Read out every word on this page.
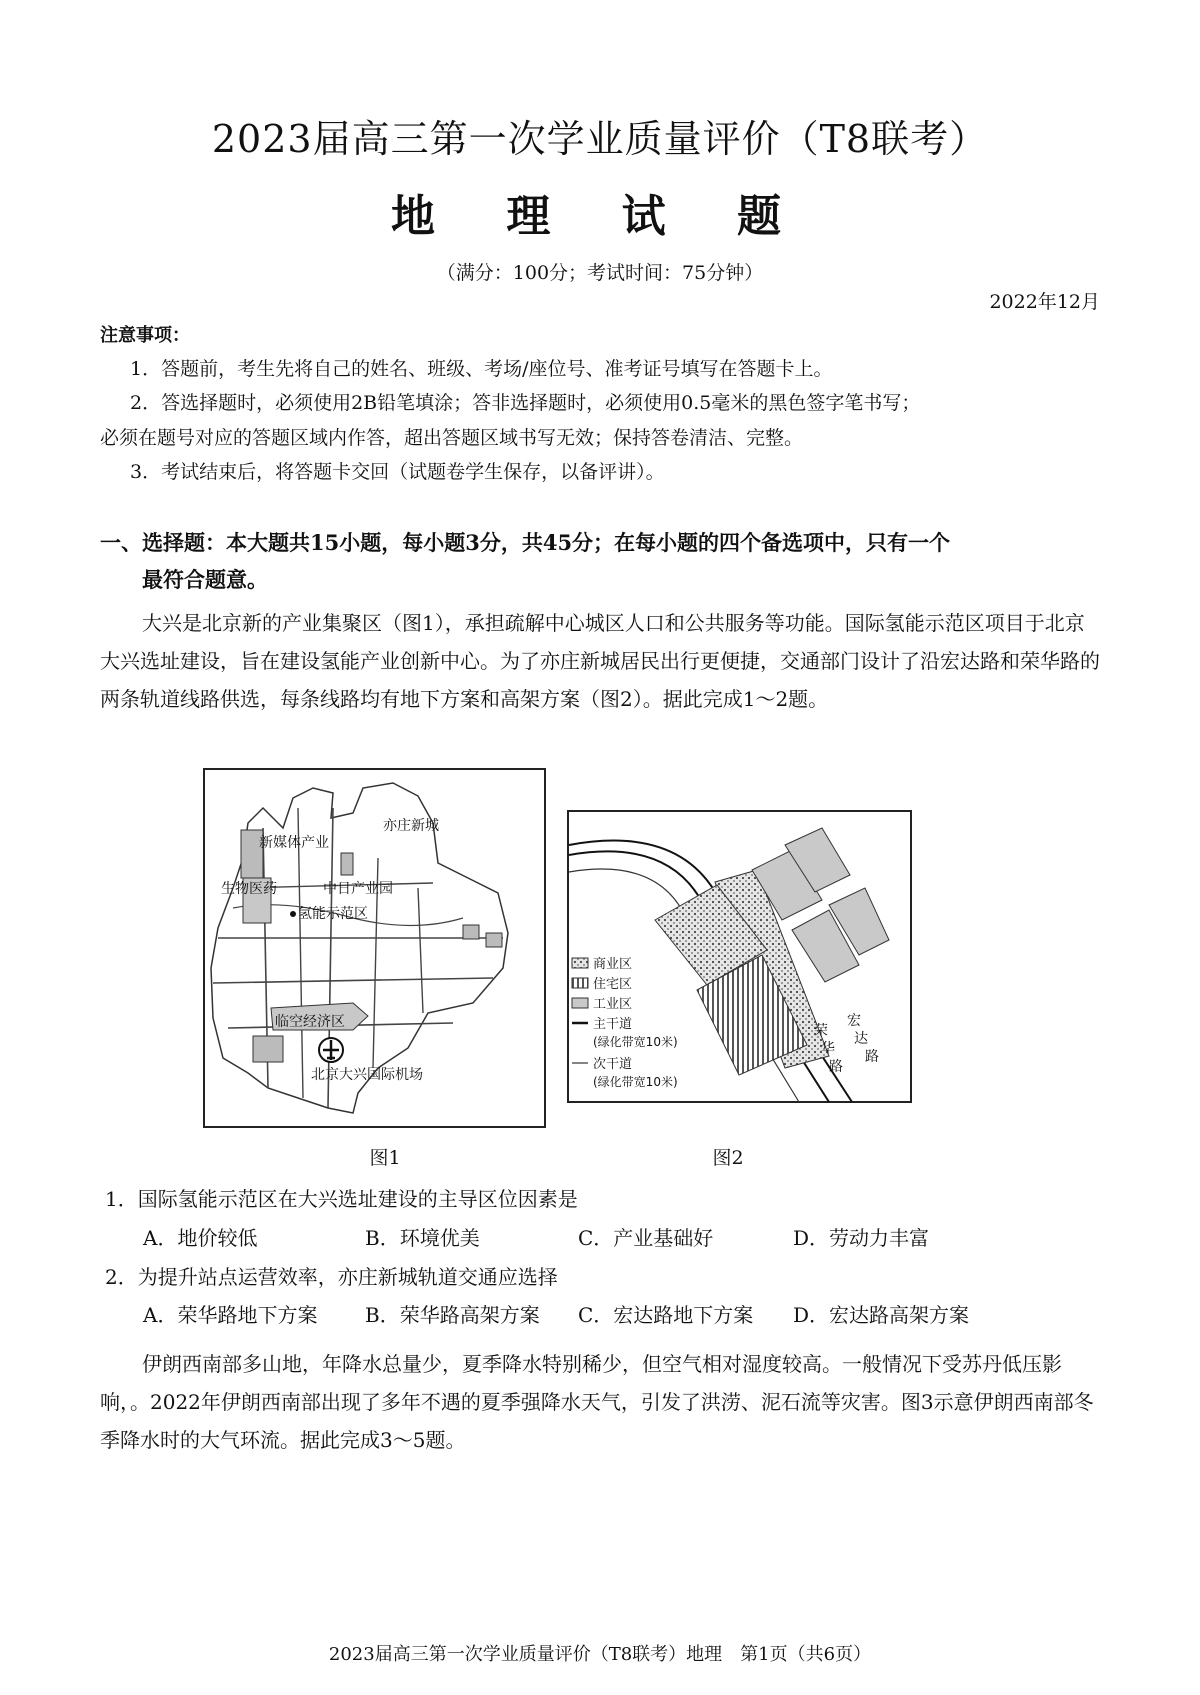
2023届高三第一次学业质量评价（T8联考）
地 理 试 题
（满分：100分；考试时间：75分钟）
2022年12月
注意事项：
1．答题前，考生先将自己的姓名、班级、考场/座位号、准考证号填写在答题卡上。
2．答选择题时，必须使用2B铅笔填涂；答非选择题时，必须使用0.5毫米的黑色签字笔书写；
必须在题号对应的答题区域内作答，超出答题区域书写无效；保持答卷清洁、完整。
3．考试结束后，将答题卡交回（试题卷学生保存，以备评讲）。
一、选择题：本大题共15小题，每小题3分，共45分；在每小题的四个备选项中，只有一个
最符合题意。
大兴是北京新的产业集聚区（图1），承担疏解中心城区人口和公共服务等功能。国际氢能示范区项目于北京大兴选址建设，旨在建设氢能产业创新中心。为了亦庄新城居民出行更便捷，交通部门设计了沿宏达路和荣华路的两条轨道线路供选，每条线路均有地下方案和高架方案（图2）。据此完成1～2题。
亦庄新城
新媒体产业
生物医药	中日产业园
氢能示范区
临空经济区
北京大兴国际机场
商业区
住宅区
工业区
主干道
(绿化带宽10米)
次干道
(绿化带宽10米)
荣
华
路
宏
达
路
图1	图2
1．国际氢能示范区在大兴选址建设的主导区位因素是
A．地价较低	B．环境优美	C．产业基础好	D．劳动力丰富
2．为提升站点运营效率，亦庄新城轨道交通应选择
A．荣华路地下方案 B．荣华路高架方案 C．宏达路地下方案 D．宏达路高架方案
伊朗西南部多山地，年降水总量少，夏季降水特别稀少，但空气相对湿度较高。一般情况下受苏丹低压影响，。2022年伊朗西南部出现了多年不遇的夏季强降水天气，引发了洪涝、泥石流等灾害。图3示意伊朗西南部冬季降水时的大气环流。据此完成3～5题。
2023届高三第一次学业质量评价（T8联考）地理　第1页（共6页）
